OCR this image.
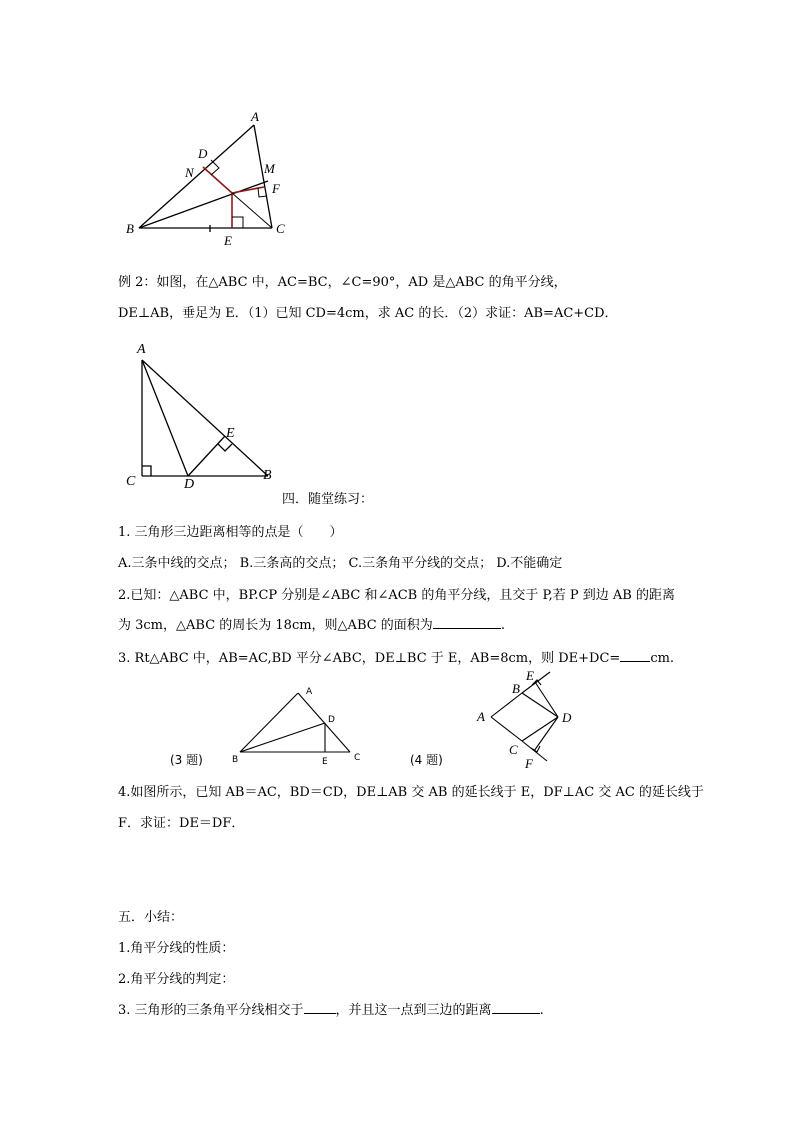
A
B	C
D
E
F
M
N
例 2：如图，在△ABC 中，AC=BC，∠C=90°，AD 是△ABC 的角平分线，
DE⊥AB，垂足为 E．（1）已知 CD=4cm，求 AC 的长．（2）求证：AB=AC+CD．
A
B
C	D
E
四．随堂练习：
1. 三角形三边距离相等的点是（　　）
A.三条中线的交点； B.三条高的交点； C.三条角平分线的交点； D.不能确定
2.已知：△ABC 中，BP.CP 分别是∠ABC 和∠ACB 的角平分线，且交于 P,若 P 到边 AB 的距离
为 3cm，△ABC 的周长为 18cm，则△ABC 的面积为	.
3. Rt△ABC 中，AB=AC,BD 平分∠ABC，DE⊥BC 于 E，AB=8cm，则 DE+DC= cm.
A
B	C
D
E
(3 题)
A
B
C
D
E
F
(4 题)
4.如图所示，已知 AB＝AC，BD＝CD，DE⊥AB 交 AB 的延长线于 E，DF⊥AC 交 AC 的延长线于
F．求证：DE＝DF．
五．小结：
1.角平分线的性质：
2.角平分线的判定：
3. 三角形的三条角平分线相交于 ，并且这一点到三边的距离	.
